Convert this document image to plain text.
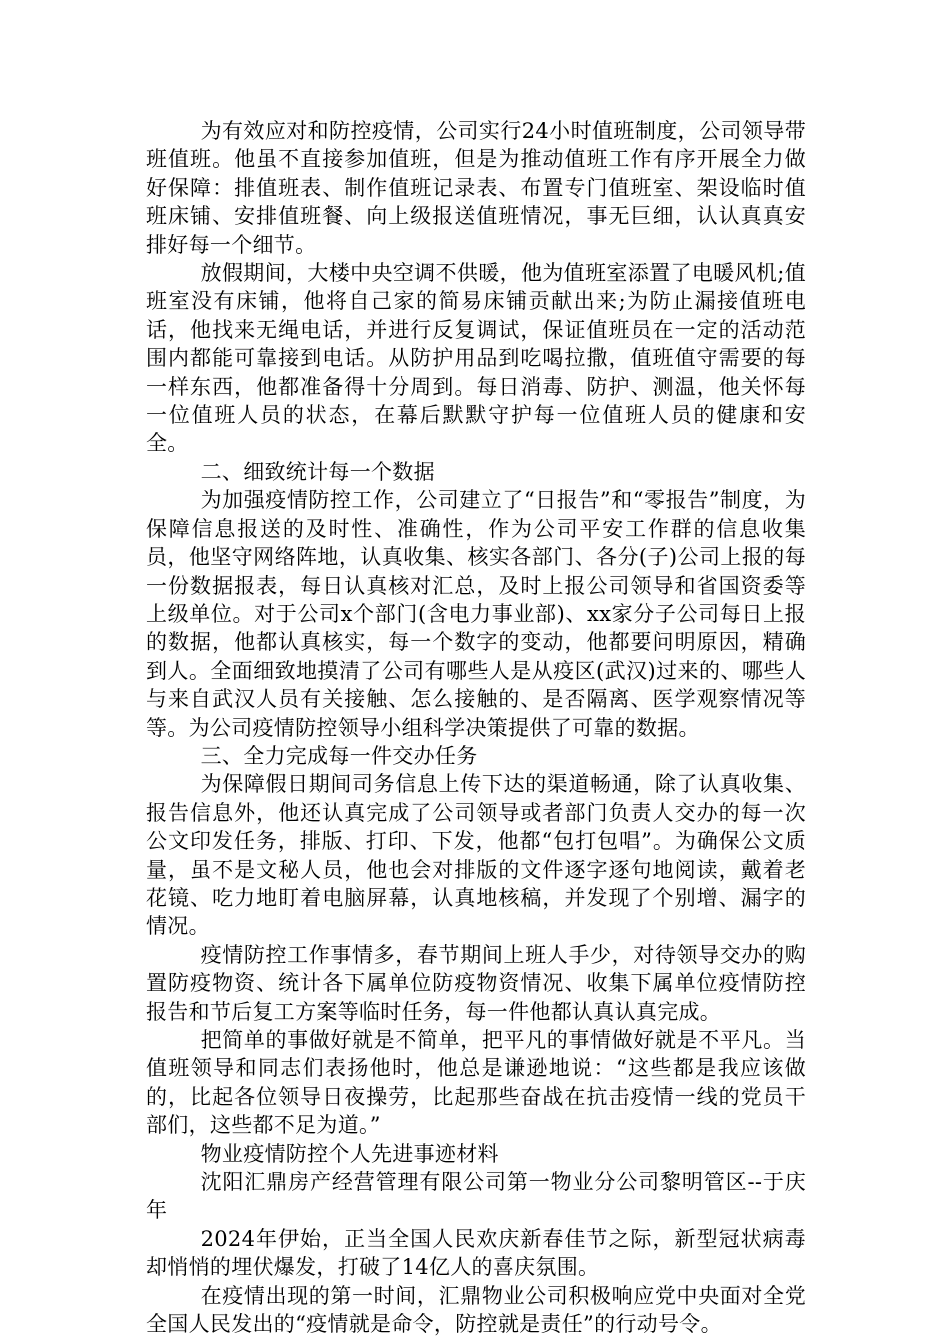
为有效应对和防控疫情，公司实行24小时值班制度，公司领导带班值班。他虽不直接参加值班，但是为推动值班工作有序开展全力做好保障：排值班表、制作值班记录表、布置专门值班室、架设临时值班床铺、安排值班餐、向上级报送值班情况，事无巨细，认认真真安排好每一个细节。

放假期间，大楼中央空调不供暖，他为值班室添置了电暖风机;值班室没有床铺，他将自己家的简易床铺贡献出来;为防止漏接值班电话，他找来无绳电话，并进行反复调试，保证值班员在一定的活动范围内都能可靠接到电话。从防护用品到吃喝拉撒，值班值守需要的每一样东西，他都准备得十分周到。每日消毒、防护、测温，他关怀每一位值班人员的状态，在幕后默默守护每一位值班人员的健康和安全。

二、细致统计每一个数据

为加强疫情防控工作，公司建立了“日报告”和“零报告”制度，为保障信息报送的及时性、准确性，作为公司平安工作群的信息收集员，他坚守网络阵地，认真收集、核实各部门、各分(子)公司上报的每一份数据报表，每日认真核对汇总，及时上报公司领导和省国资委等上级单位。对于公司x个部门(含电力事业部)、xx家分子公司每日上报的数据，他都认真核实，每一个数字的变动，他都要问明原因，精确到人。全面细致地摸清了公司有哪些人是从疫区(武汉)过来的、哪些人与来自武汉人员有关接触、怎么接触的、是否隔离、医学观察情况等等。为公司疫情防控领导小组科学决策提供了可靠的数据。

三、全力完成每一件交办任务

为保障假日期间司务信息上传下达的渠道畅通，除了认真收集、报告信息外，他还认真完成了公司领导或者部门负责人交办的每一次公文印发任务，排版、打印、下发，他都“包打包唱”。为确保公文质量，虽不是文秘人员，他也会对排版的文件逐字逐句地阅读，戴着老花镜、吃力地盯着电脑屏幕，认真地核稿，并发现了个别增、漏字的情况。

疫情防控工作事情多，春节期间上班人手少，对待领导交办的购置防疫物资、统计各下属单位防疫物资情况、收集下属单位疫情防控报告和节后复工方案等临时任务，每一件他都认真认真完成。

把简单的事做好就是不简单，把平凡的事情做好就是不平凡。当值班领导和同志们表扬他时，他总是谦逊地说：“这些都是我应该做的，比起各位领导日夜操劳，比起那些奋战在抗击疫情一线的党员干部们，这些都不足为道。”

物业疫情防控个人先进事迹材料

沈阳汇鼎房产经营管理有限公司第一物业分公司黎明管区--于庆年

2024年伊始，正当全国人民欢庆新春佳节之际，新型冠状病毒却悄悄的埋伏爆发，打破了14亿人的喜庆氛围。

在疫情出现的第一时间，汇鼎物业公司积极响应党中央面对全党全国人民发出的“疫情就是命令，防控就是责任”的行动号令。
